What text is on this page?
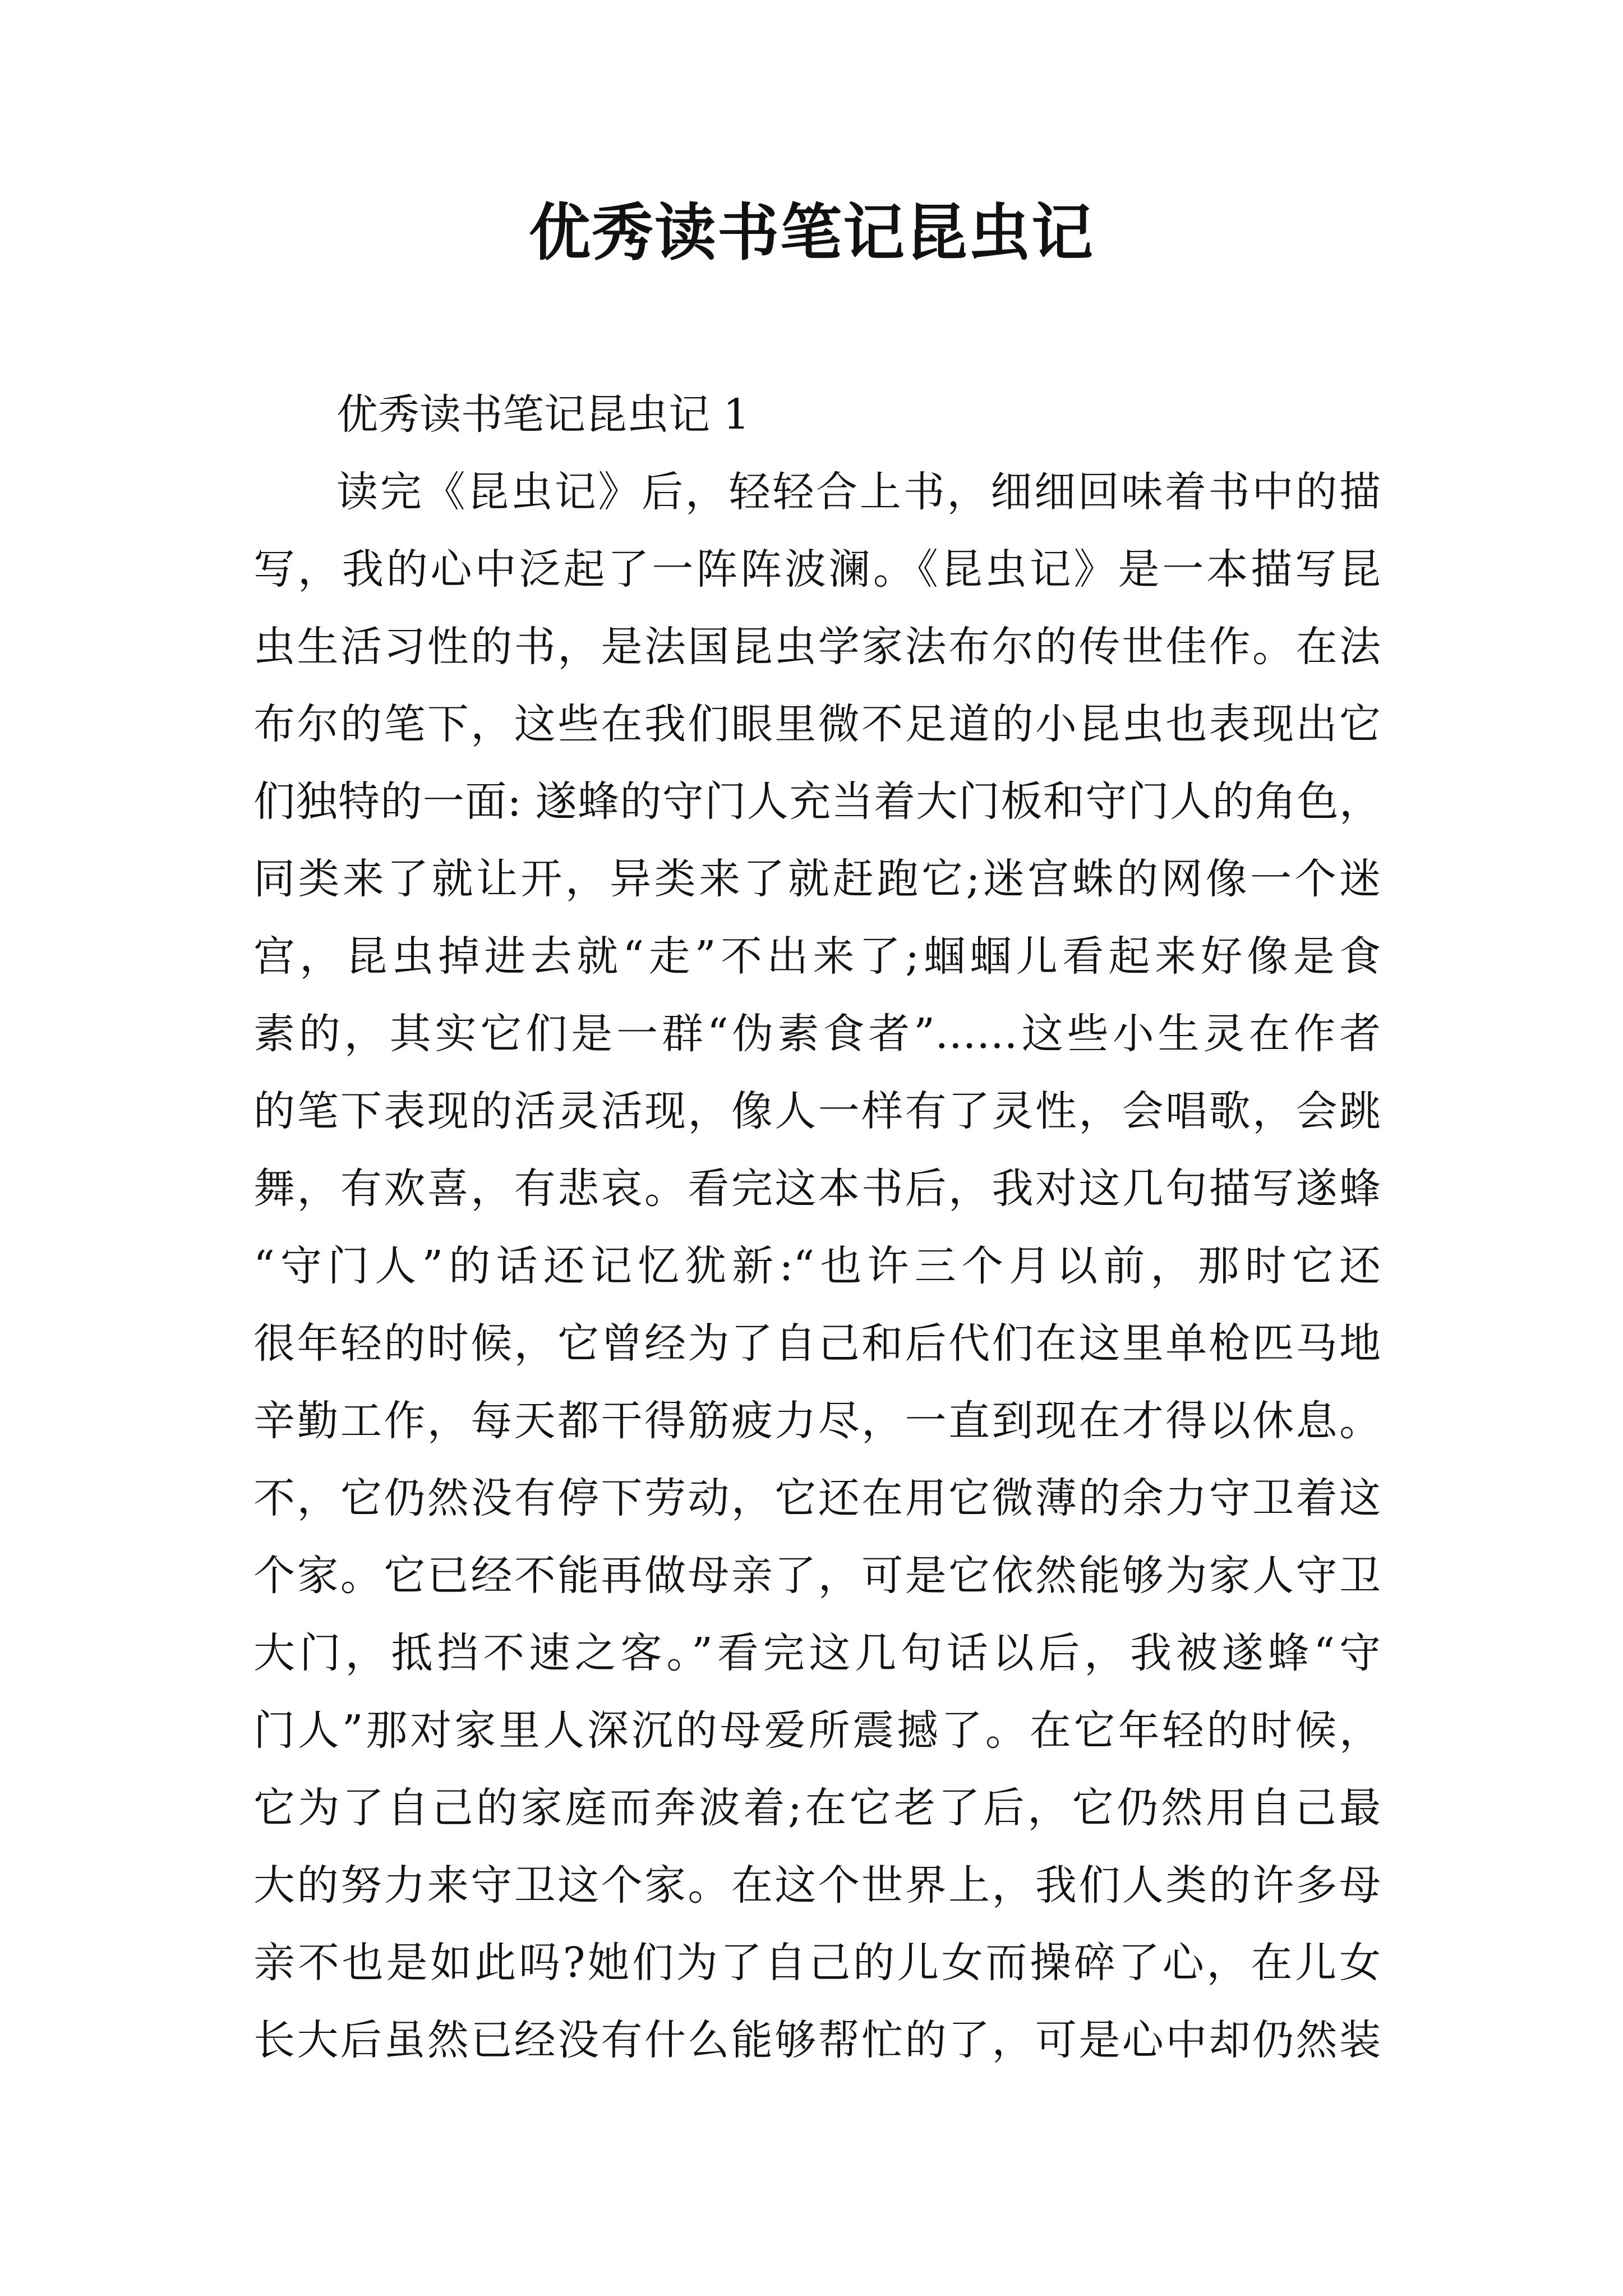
优秀读书笔记昆虫记
优秀读书笔记昆虫记 1
读完《昆虫记》后，轻轻合上书，细细回味着书中的描
写，我的心中泛起了一阵阵波澜。《昆虫记》是一本描写昆
虫生活习性的书，是法国昆虫学家法布尔的传世佳作。在法
布尔的笔下，这些在我们眼里微不足道的小昆虫也表现出它
们独特的一面: 遂蜂的守门人充当着大门板和守门人的角色，
同类来了就让开，异类来了就赶跑它;迷宫蛛的网像一个迷
宫，昆虫掉进去就“走”不出来了;蝈蝈儿看起来好像是食
素的，其实它们是一群“伪素食者”……这些小生灵在作者
的笔下表现的活灵活现，像人一样有了灵性，会唱歌，会跳
舞，有欢喜，有悲哀。看完这本书后，我对这几句描写遂蜂
“守门人”的话还记忆犹新:“也许三个月以前，那时它还
很年轻的时候，它曾经为了自己和后代们在这里单枪匹马地
辛勤工作，每天都干得筋疲力尽，一直到现在才得以休息。
不，它仍然没有停下劳动，它还在用它微薄的余力守卫着这
个家。它已经不能再做母亲了，可是它依然能够为家人守卫
大门，抵挡不速之客。”看完这几句话以后，我被遂蜂“守
门人”那对家里人深沉的母爱所震撼了。在它年轻的时候，
它为了自己的家庭而奔波着;在它老了后，它仍然用自己最
大的努力来守卫这个家。在这个世界上，我们人类的许多母
亲不也是如此吗?她们为了自己的儿女而操碎了心，在儿女
长大后虽然已经没有什么能够帮忙的了，可是心中却仍然装
